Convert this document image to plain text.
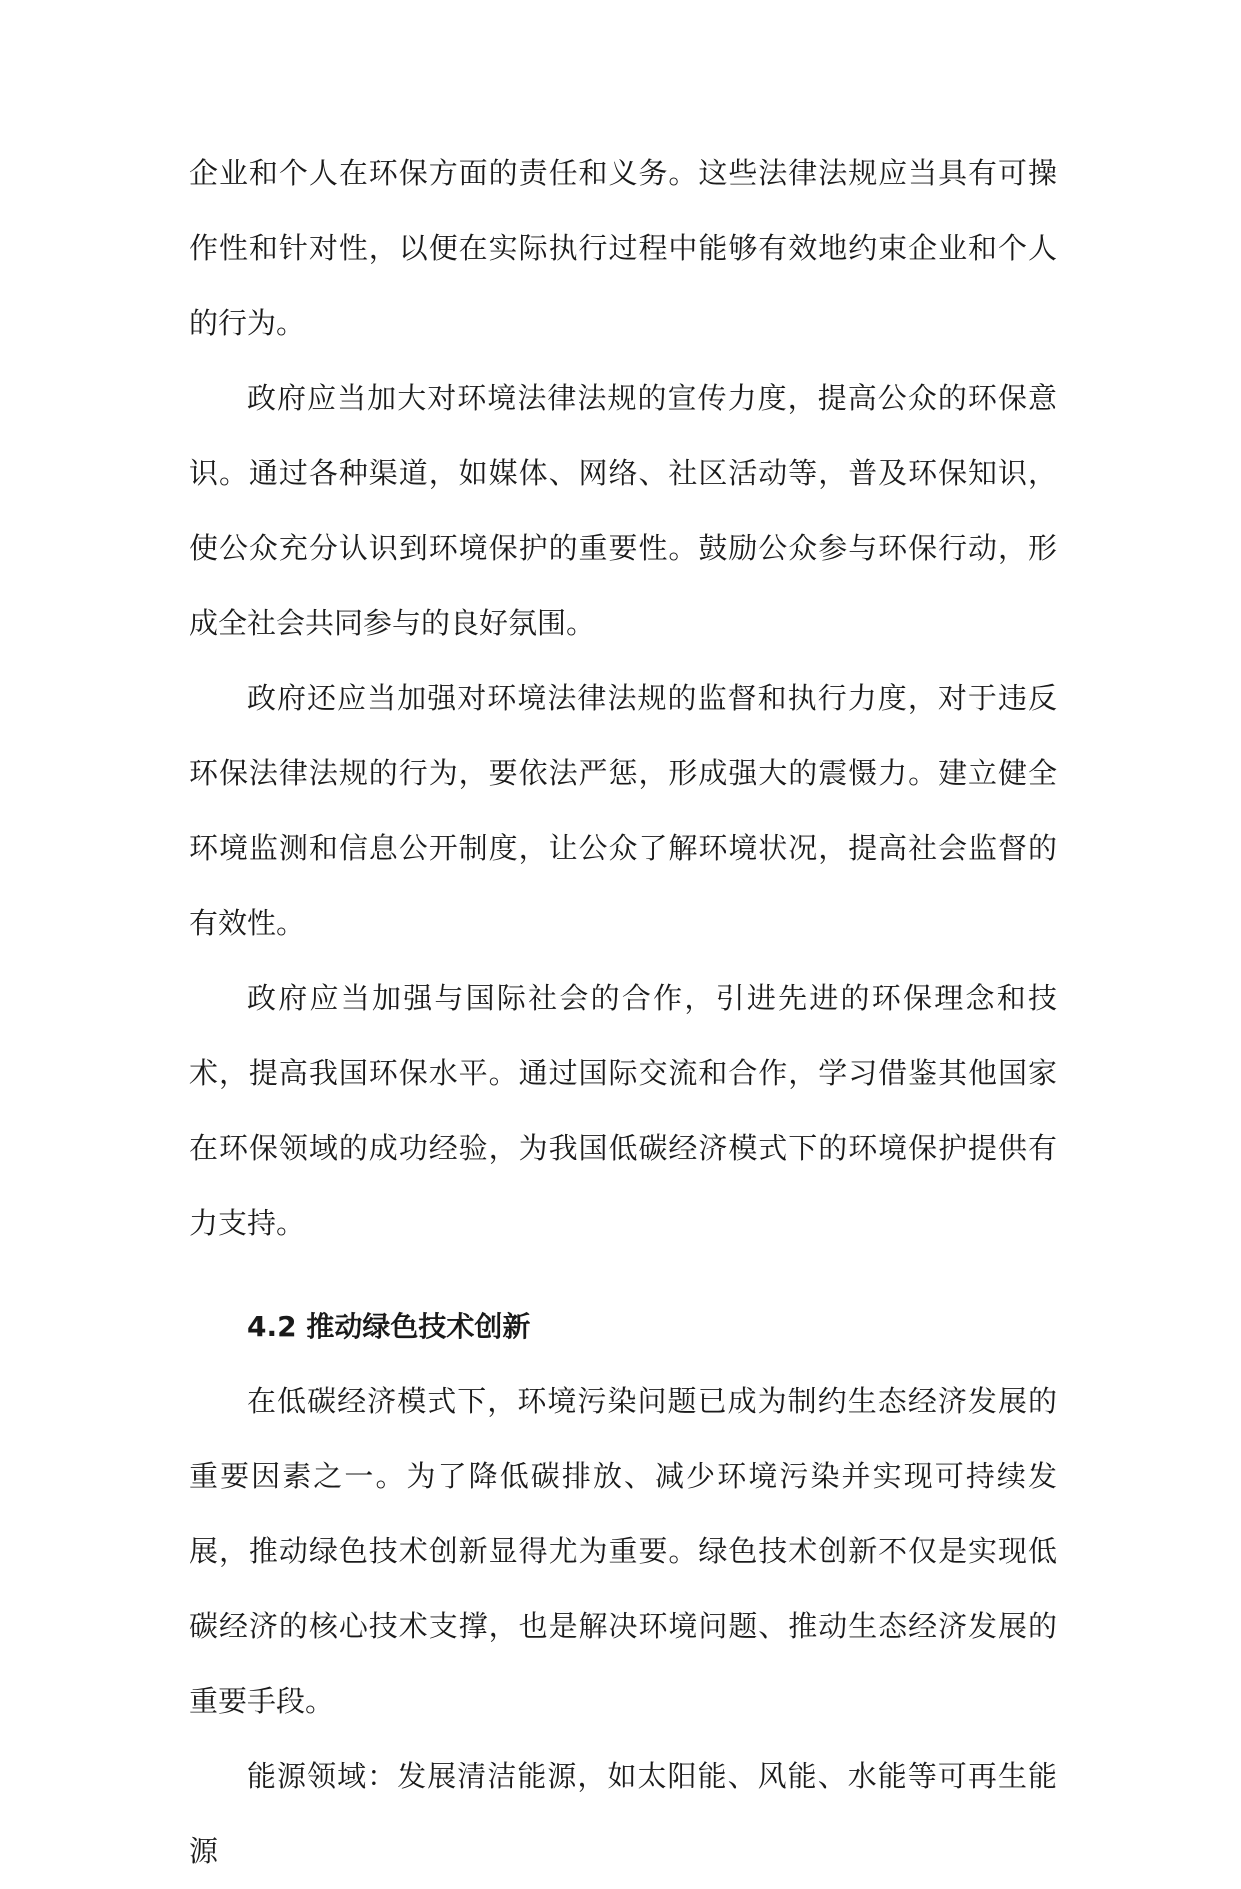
企业和个人在环保方面的责任和义务。这些法律法规应当具有可操作性和针对性，以便在实际执行过程中能够有效地约束企业和个人的行为。

政府应当加大对环境法律法规的宣传力度，提高公众的环保意识。通过各种渠道，如媒体、网络、社区活动等，普及环保知识，使公众充分认识到环境保护的重要性。鼓励公众参与环保行动，形成全社会共同参与的良好氛围。

政府还应当加强对环境法律法规的监督和执行力度，对于违反环保法律法规的行为，要依法严惩，形成强大的震慑力。建立健全环境监测和信息公开制度，让公众了解环境状况，提高社会监督的有效性。

政府应当加强与国际社会的合作，引进先进的环保理念和技术，提高我国环保水平。通过国际交流和合作，学习借鉴其他国家在环保领域的成功经验，为我国低碳经济模式下的环境保护提供有力支持。

4.2 推动绿色技术创新

在低碳经济模式下，环境污染问题已成为制约生态经济发展的重要因素之一。为了降低碳排放、减少环境污染并实现可持续发展，推动绿色技术创新显得尤为重要。绿色技术创新不仅是实现低碳经济的核心技术支撑，也是解决环境问题、推动生态经济发展的重要手段。

能源领域：发展清洁能源，如太阳能、风能、水能等可再生能源
